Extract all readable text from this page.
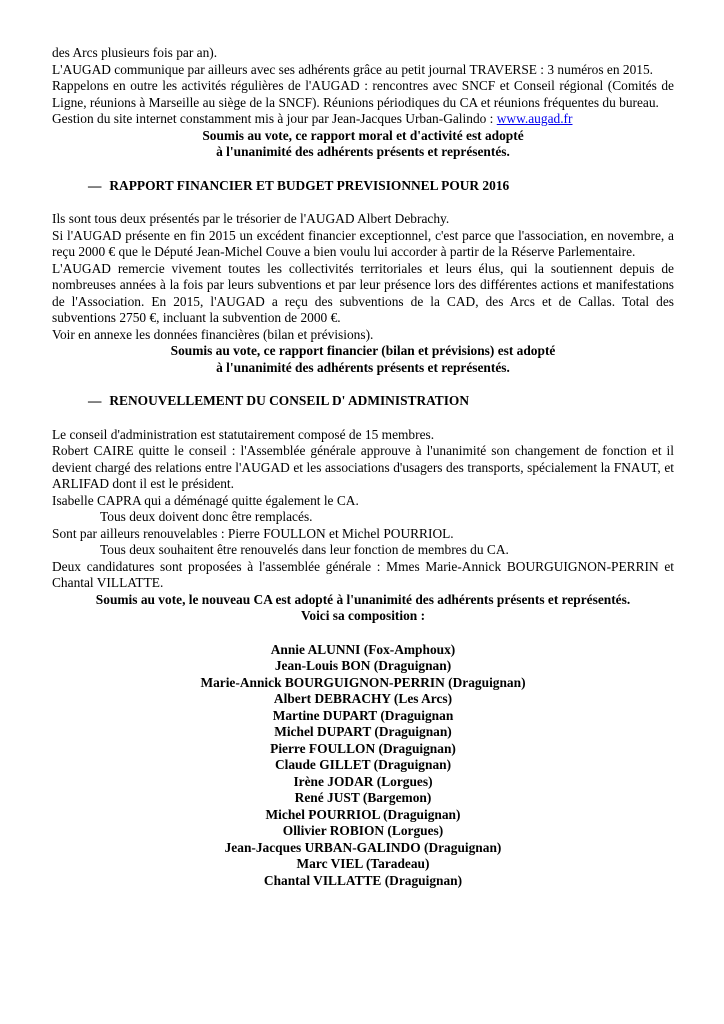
des Arcs plusieurs fois par an).

L'AUGAD communique par ailleurs avec ses adhérents grâce au petit journal TRAVERSE : 3 numéros en 2015.

Rappelons en outre les activités régulières de l'AUGAD : rencontres avec SNCF et Conseil régional (Comités de Ligne, réunions à Marseille au siège de la SNCF). Réunions périodiques du CA et réunions fréquentes du bureau.

Gestion du site internet constamment mis à jour par Jean-Jacques Urban-Galindo : www.augad.fr

Soumis au vote, ce rapport moral et d'activité est adopté

à l'unanimité des adhérents présents et représentés.

— RAPPORT FINANCIER ET BUDGET PREVISIONNEL POUR 2016

Ils sont tous deux présentés par le trésorier de l'AUGAD Albert Debrachy.

Si l'AUGAD présente en fin 2015 un excédent financier exceptionnel, c'est parce que l'association, en novembre, a reçu 2000 € que le Député Jean-Michel Couve a bien voulu lui accorder à partir de la Réserve Parlementaire.

L'AUGAD remercie vivement toutes les collectivités territoriales et leurs élus, qui la soutiennent depuis de nombreuses années à la fois par leurs subventions et par leur présence lors des différentes actions et manifestations de l'Association. En 2015, l'AUGAD a reçu des subventions de la CAD, des Arcs et de Callas. Total des subventions 2750 €, incluant la subvention de 2000 €.

Voir en annexe les données financières (bilan et prévisions).

Soumis au vote, ce rapport financier (bilan et prévisions) est adopté

à l'unanimité des adhérents présents et représentés.

— RENOUVELLEMENT DU CONSEIL D' ADMINISTRATION

Le conseil d'administration est statutairement composé de 15 membres.

Robert CAIRE quitte le conseil : l'Assemblée générale approuve à l'unanimité son changement de fonction et il devient chargé des relations entre l'AUGAD et les associations d'usagers des transports, spécialement la FNAUT, et ARLIFAD dont il est le président.

Isabelle CAPRA qui a déménagé quitte également le CA.

Tous deux doivent donc être remplacés.

Sont par ailleurs renouvelables : Pierre FOULLON et Michel POURRIOL.

Tous deux souhaitent être renouvelés dans leur fonction de membres du CA.

Deux candidatures sont proposées à l'assemblée générale : Mmes Marie-Annick BOURGUIGNON-PERRIN et Chantal VILLATTE.

Soumis au vote, le nouveau CA est adopté à l'unanimité des adhérents présents et représentés.

Voici sa composition :

Annie ALUNNI (Fox-Amphoux)
Jean-Louis BON (Draguignan)
Marie-Annick BOURGUIGNON-PERRIN (Draguignan)
Albert DEBRACHY (Les Arcs)
Martine DUPART (Draguignan
Michel DUPART (Draguignan)
Pierre FOULLON (Draguignan)
Claude GILLET (Draguignan)
Irène JODAR (Lorgues)
René JUST (Bargemon)
Michel POURRIOL (Draguignan)
Ollivier ROBION (Lorgues)
Jean-Jacques URBAN-GALINDO (Draguignan)
Marc VIEL (Taradeau)
Chantal VILLATTE (Draguignan)
